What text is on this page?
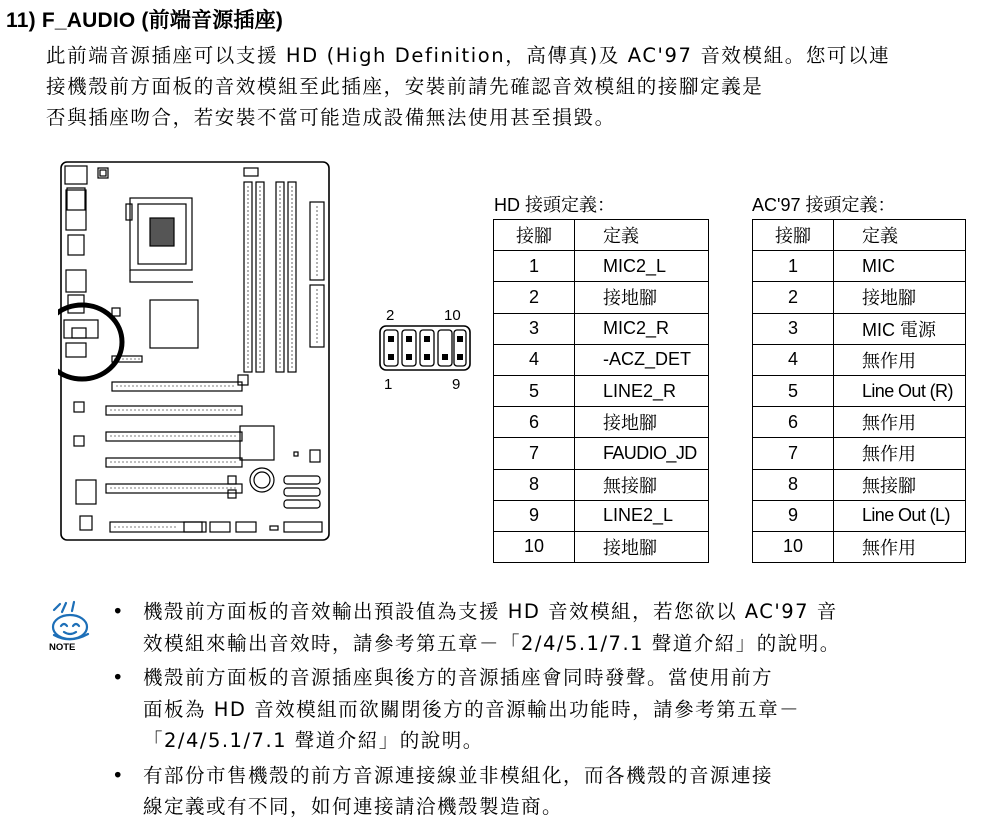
11) F_AUDIO (前端音源插座)

此前端音源插座可以支援 HD (High Definition，高傳真)及 AC'97 音效模組。您可以連

接機殼前方面板的音效模組至此插座，安裝前請先確認音效模組的接腳定義是

否與插座吻合，若安裝不當可能造成設備無法使用甚至損毀。

2	10
1	9
HD 接頭定義：
接腳	定義
1	MIC2_L
2	接地腳
3	MIC2_R
4	-ACZ_DET
5	LINE2_R
6	接地腳
7	FAUDIO_JD
8	無接腳
9	LINE2_L
10	接地腳
AC'97 接頭定義：
接腳	定義
1	MIC
2	接地腳
3	MIC 電源
4	無作用
5	Line Out (R)
6	無作用
7	無作用
8	無接腳
9	Line Out (L)
10	無作用
NOTE
• 機殼前方面板的音效輸出預設值為支援 HD 音效模組，若您欲以 AC'97 音
效模組來輸出音效時，請參考第五章－「2/4/5.1/7.1 聲道介紹」的說明。
• 機殼前方面板的音源插座與後方的音源插座會同時發聲。當使用前方
面板為 HD 音效模組而欲關閉後方的音源輸出功能時，請參考第五章－
「2/4/5.1/7.1 聲道介紹」的說明。
• 有部份市售機殼的前方音源連接線並非模組化，而各機殼的音源連接
線定義或有不同，如何連接請洽機殼製造商。
